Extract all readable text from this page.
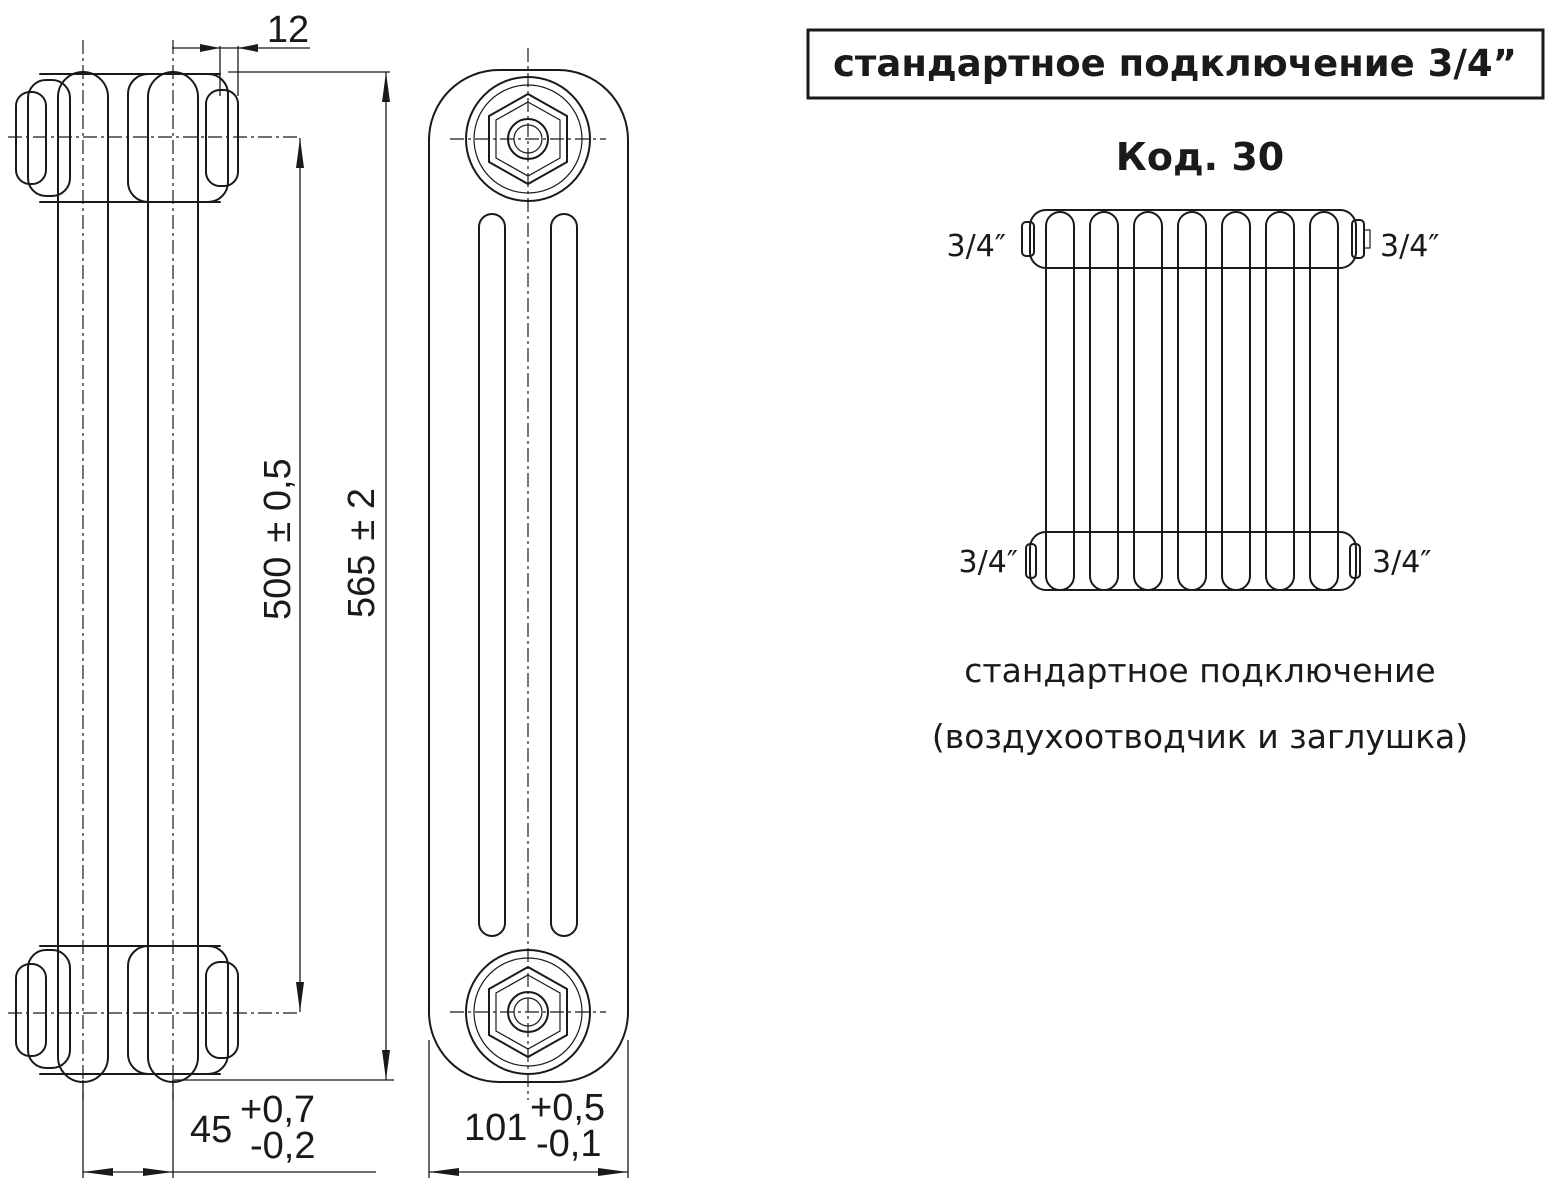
12
500± 0,5
565± 2
45 +0,7
-0,2	101 +0,5
-0,1
стандартное подключение 3/4”
Код. 30
3/4″	3/4″
3/4″	3/4″
стандартное подключение
(воздухоотводчик и заглушка)
